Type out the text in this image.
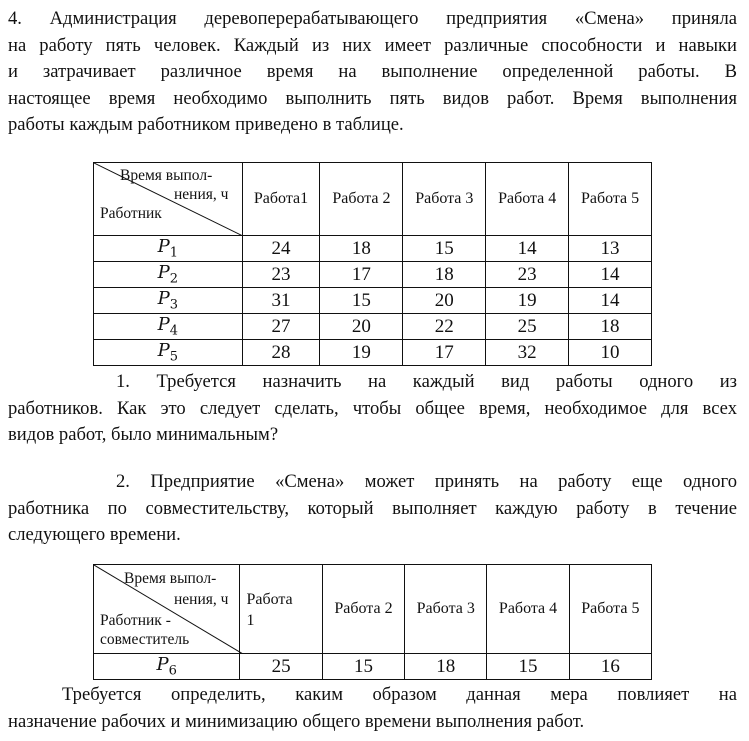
4. Администрация деревоперерабатывающего предприятия «Смена» приняла
на работу пять человек. Каждый из них имеет различные способности и навыки
и затрачивает различное время на выполнение определенной работы. В
настоящее время необходимо выполнить пять видов работ. Время выполнения
работы каждым работником приведено в таблице.
Время выпол-
нения, ч
Работник	Работа1	Работа 2	Работа 3	Работа 4	Работа 5
$P_1$	24	18	15	14	13
$P_2$	23	17	18	23	14
$P_3$	31	15	20	19	14
$P_4$	27	20	22	25	18
$P_5$	28	19	17	32	10
1. Требуется назначить на каждый вид работы одного из
работников. Как это следует сделать, чтобы общее время, необходимое для всех
видов работ, было минимальным?
2. Предприятие «Смена» может принять на работу еще одного
работника по совместительству, который выполняет каждую работу в течение
следующего времени.
Время выпол-
нения, ч
Работник -
совместитель	Работа
1	Работа 2	Работа 3	Работа 4	Работа 5
$P_6$	25	15	18	15	16
Требуется определить, каким образом данная мера повлияет на
назначение рабочих и минимизацию общего времени выполнения работ.
